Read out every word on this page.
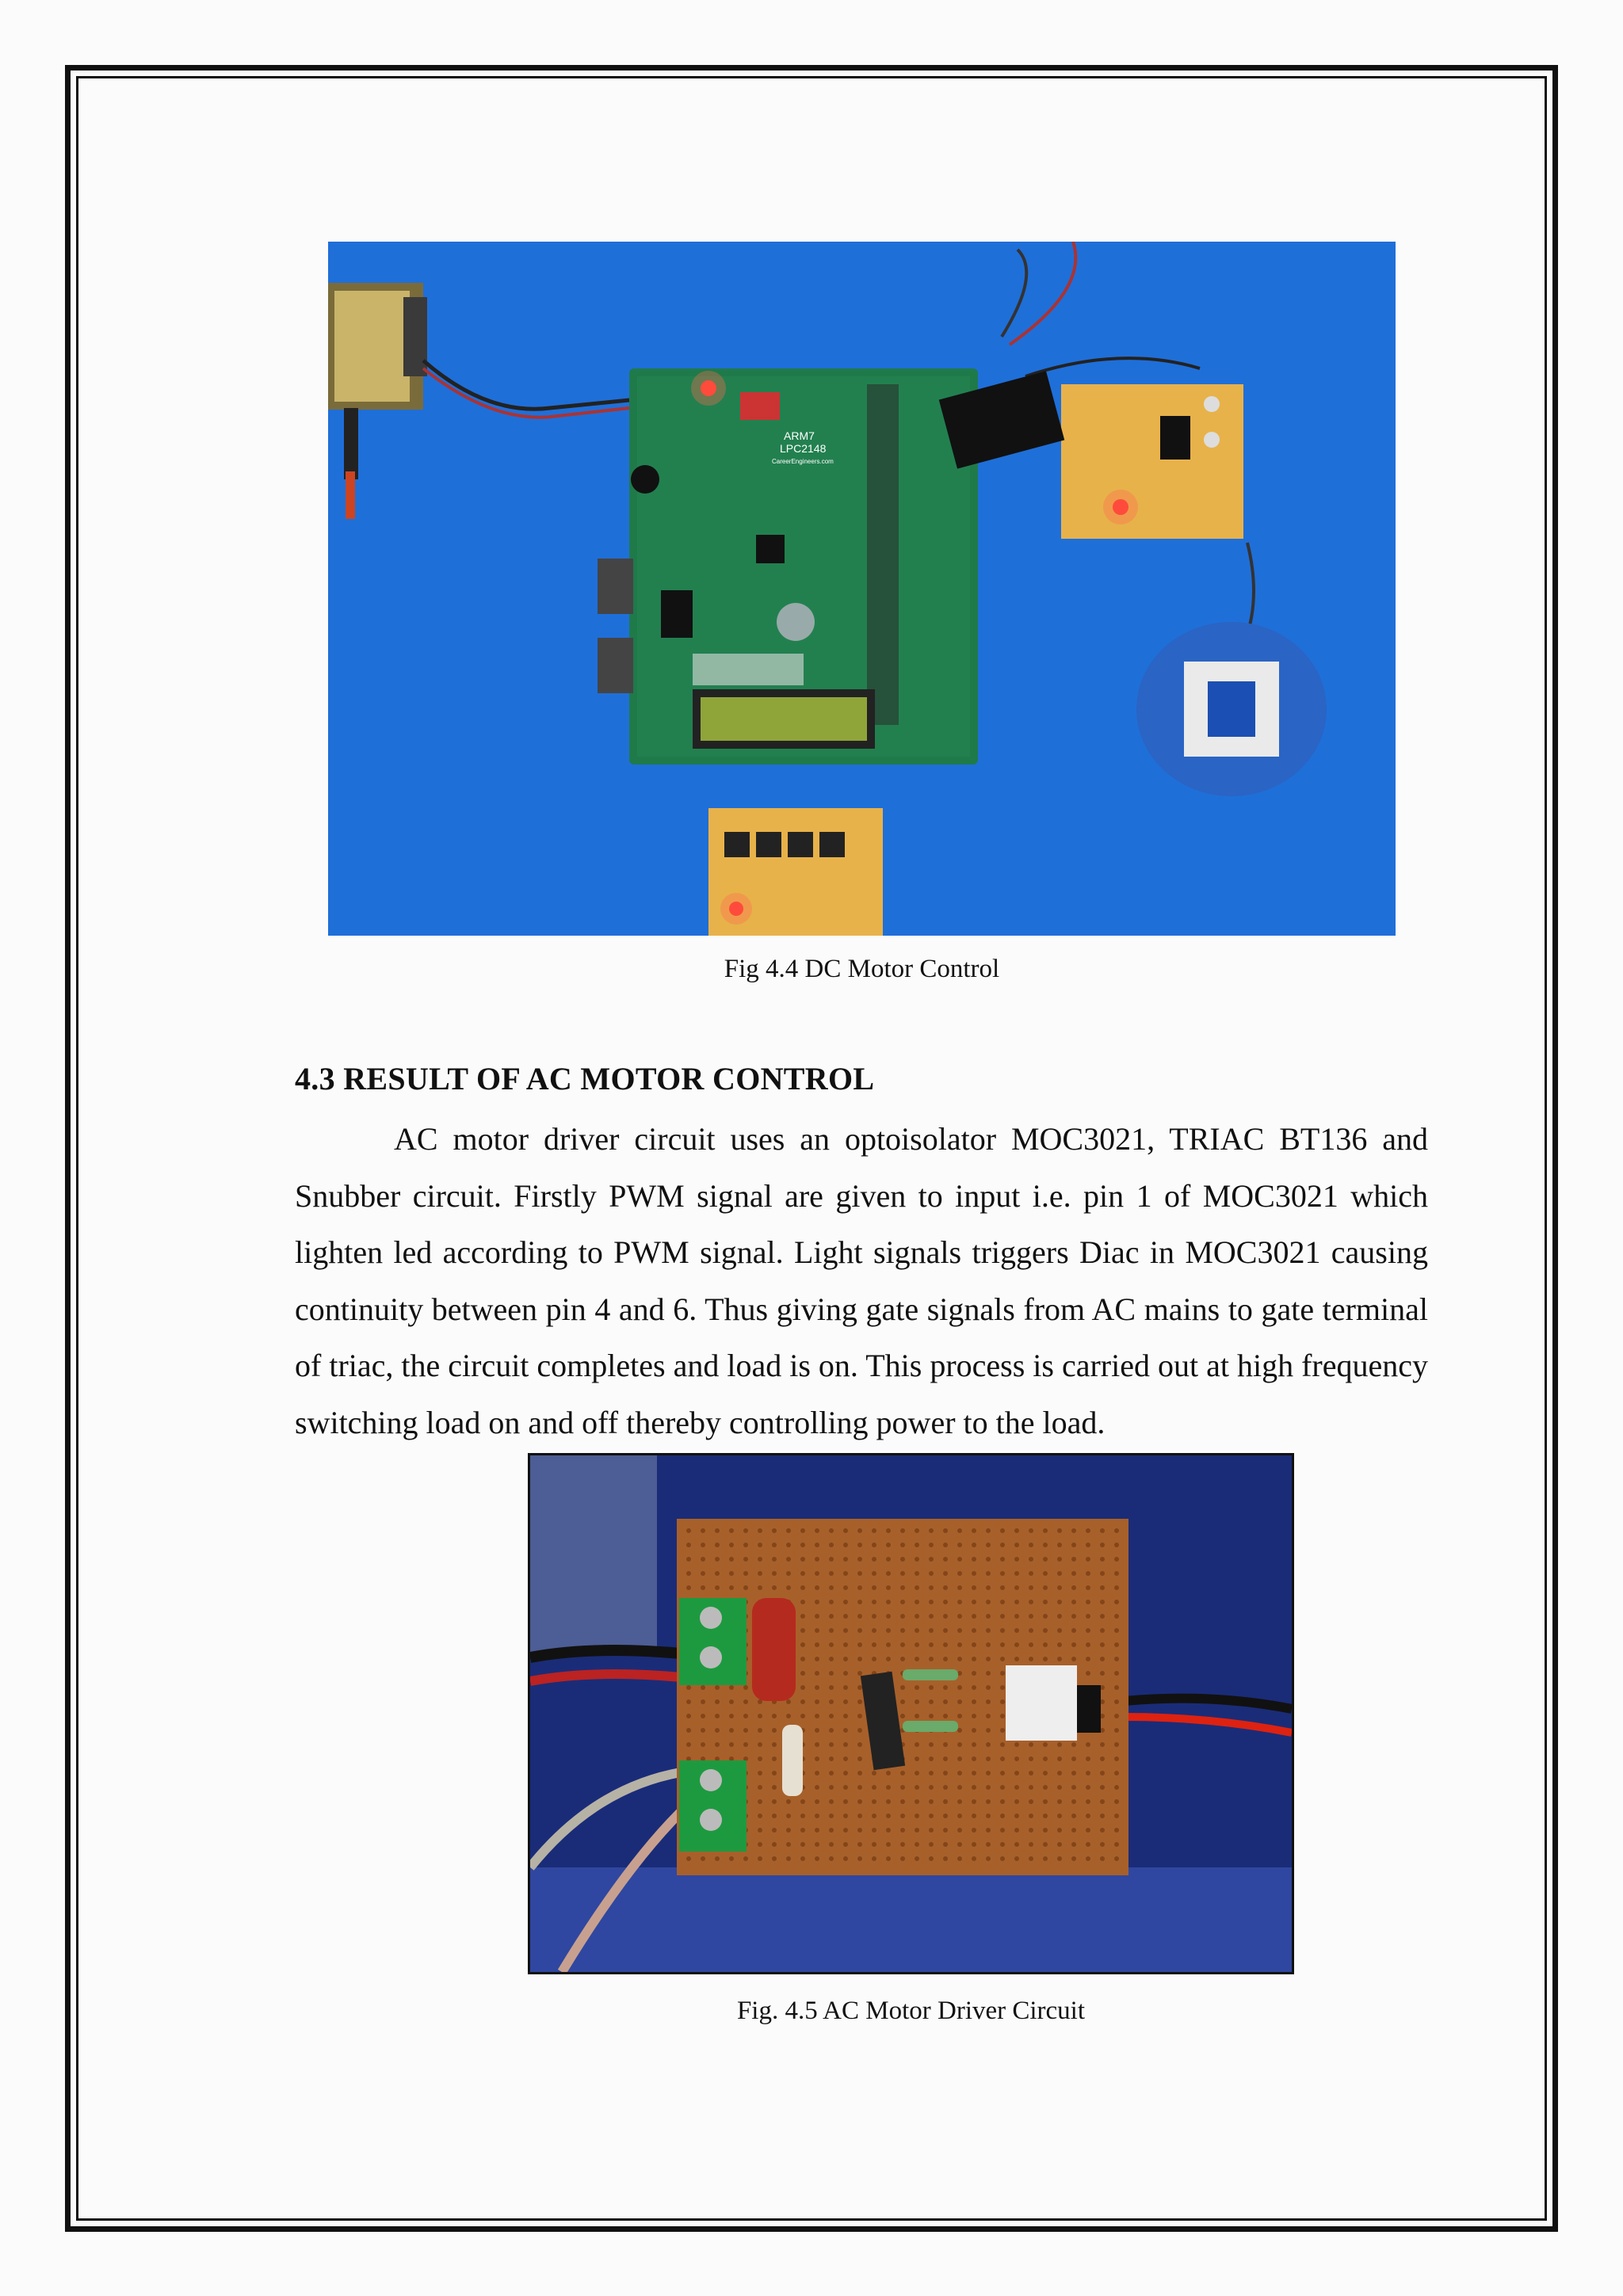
ARM7
LPC2148
CareerEngineers.com
Fig 4.4 DC Motor Control
4.3 RESULT OF AC MOTOR CONTROL
AC motor driver circuit uses an optoisolator MOC3021, TRIAC BT136 and Snubber circuit. Firstly PWM signal are given to input i.e. pin 1 of MOC3021 which lighten led according to PWM signal. Light signals triggers Diac in MOC3021 causing continuity between pin 4 and 6. Thus giving gate signals from AC mains to gate terminal of triac, the circuit completes and load is on. This process is carried out at high frequency switching load on and off thereby controlling power to the load.
Fig. 4.5 AC Motor Driver Circuit
